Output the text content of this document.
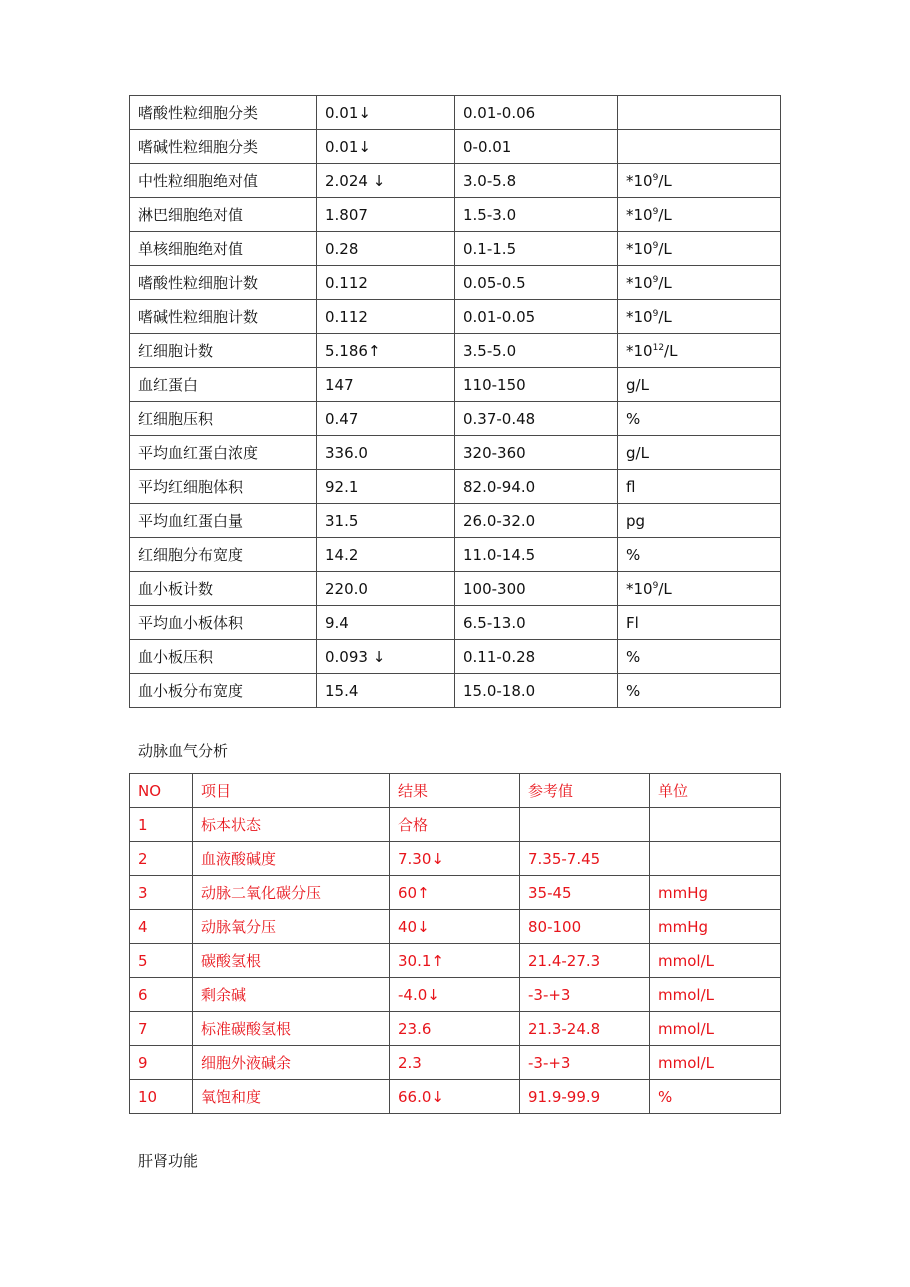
嗜酸性粒细胞分类	0.01↓	0.01-0.06	
嗜碱性粒细胞分类	0.01↓	0-0.01	
中性粒细胞绝对值	2.024 ↓	3.0-5.8	$*10^9/L$
淋巴细胞绝对值	1.807	1.5-3.0	$*10^9/L$
单核细胞绝对值	0.28	0.1-1.5	$*10^9/L$
嗜酸性粒细胞计数	0.112	0.05-0.5	$*10^9/L$
嗜碱性粒细胞计数	0.112	0.01-0.05	$*10^9/L$
红细胞计数	5.186↑	3.5-5.0	$*10^{12}/L$
血红蛋白	147	110-150	g/L
红细胞压积	0.47	0.37-0.48	%
平均血红蛋白浓度	336.0	320-360	g/L
平均红细胞体积	92.1	82.0-94.0	fl
平均血红蛋白量	31.5	26.0-32.0	pg
红细胞分布宽度	14.2	11.0-14.5	%
血小板计数	220.0	100-300	$*10^9/L$
平均血小板体积	9.4	6.5-13.0	Fl
血小板压积	0.093 ↓	0.11-0.28	%
血小板分布宽度	15.4	15.0-18.0	%
动脉血气分析
NO	项目	结果	参考值	单位
1	标本状态	合格		
2	血液酸碱度	7.30↓	7.35-7.45	
3	动脉二氧化碳分压	60↑	35-45	mmHg
4	动脉氧分压	40↓	80-100	mmHg
5	碳酸氢根	30.1↑	21.4-27.3	mmol/L
6	剩余碱	-4.0↓	-3-+3	mmol/L
7	标准碳酸氢根	23.6	21.3-24.8	mmol/L
9	细胞外液碱余	2.3	-3-+3	mmol/L
10	氧饱和度	66.0↓	91.9-99.9	%
肝肾功能
